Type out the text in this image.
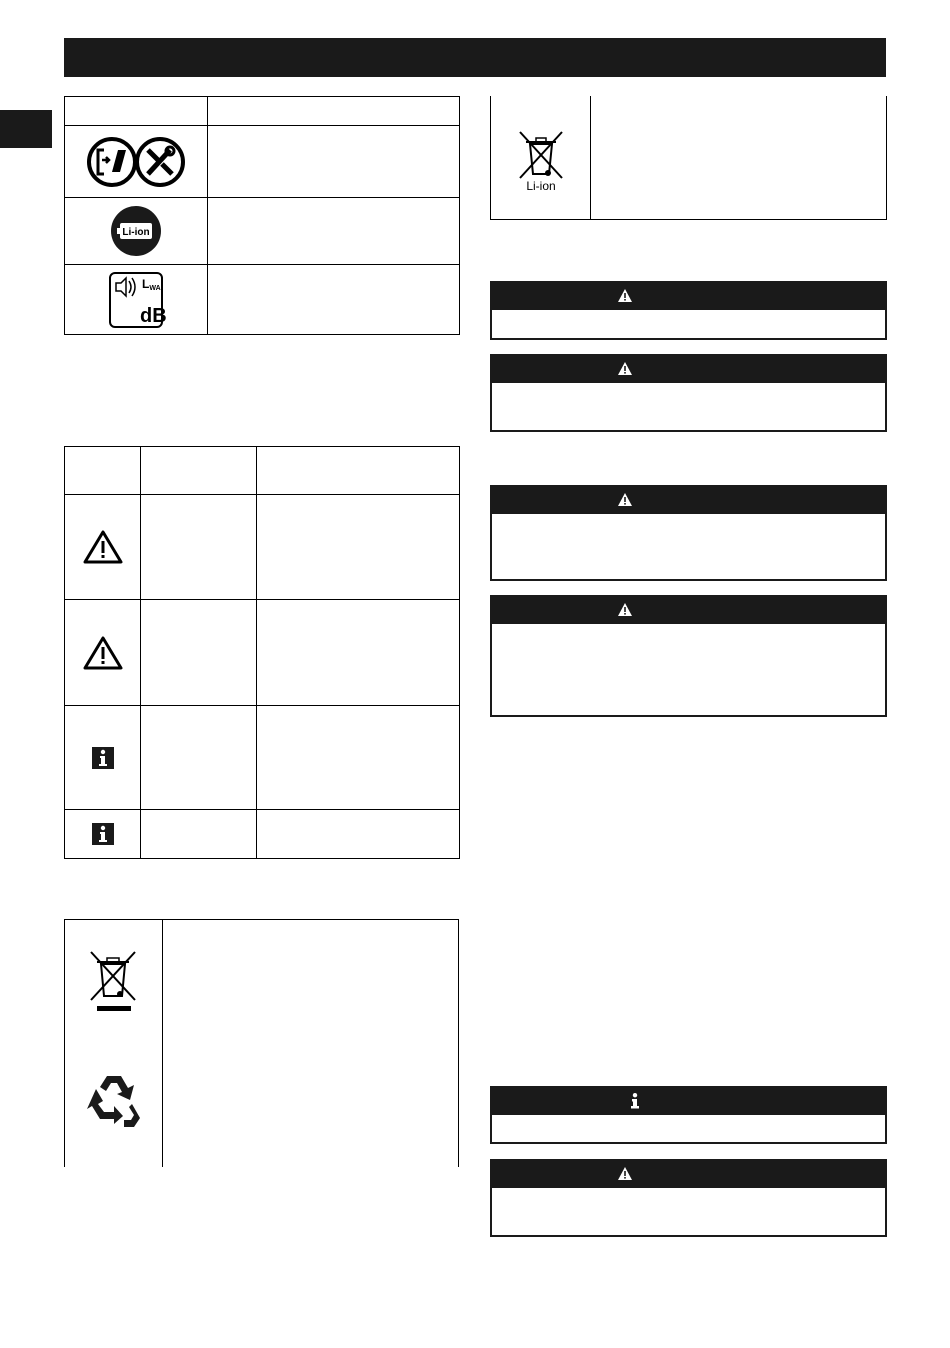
Li-ion	

LWA
dB	

Li-ion
